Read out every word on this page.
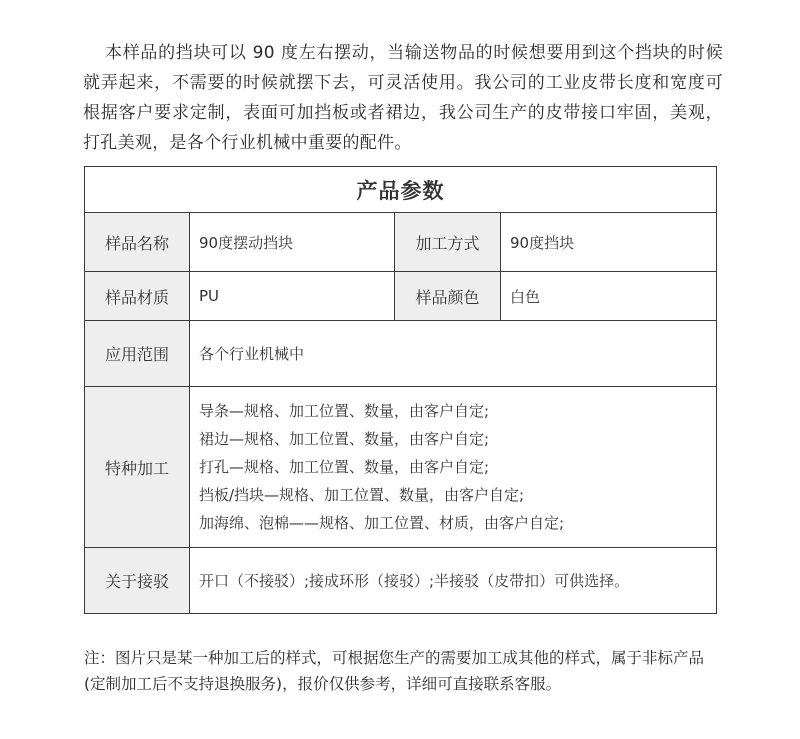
本样品的挡块可以 90 度左右摆动，当输送物品的时候想要用到这个挡块的时候就弄起来，不需要的时候就摆下去，可灵活使用。我公司的工业皮带长度和宽度可根据客户要求定制，表面可加挡板或者裙边，我公司生产的皮带接口牢固，美观，打孔美观，是各个行业机械中重要的配件。

产品参数			
样品名称	90度摆动挡块	加工方式	90度挡块
样品材质	PU	样品颜色	白色
应用范围	各个行业机械中		
特种加工	导条—规格、加工位置、数量，由客户自定;
裙边—规格、加工位置、数量，由客户自定;
打孔—规格、加工位置、数量，由客户自定;
挡板/挡块—规格、加工位置、数量，由客户自定;
加海绵、泡棉——规格、加工位置、材质，由客户自定;		

关于接驳	开口（不接驳）;接成环形（接驳）;半接驳（皮带扣）可供选择。		

注：图片只是某一种加工后的样式，可根据您生产的需要加工成其他的样式，属于非标产品(定制加工后不支持退换服务)，报价仅供参考，详细可直接联系客服。
